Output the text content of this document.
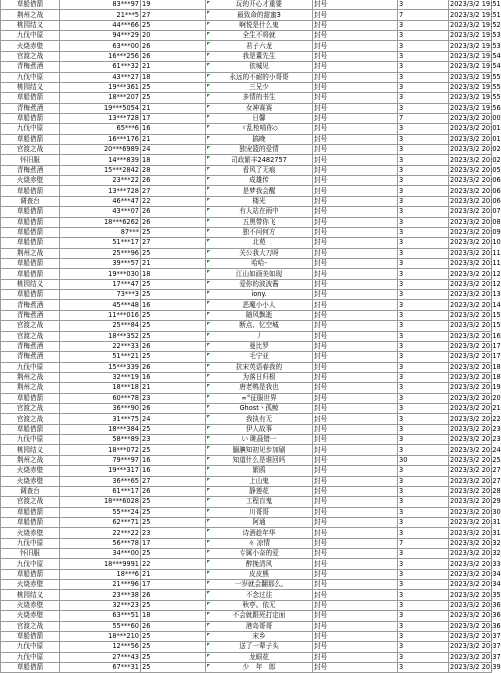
草船借箭	83***97	19	玩的开心才重要	封号	3	2023/3/2 19:51
荆州之战	21***5	27	最致命的甜蜜3	封号	7	2023/3/2 19:51
桃园结义	44***66	25	啊悦是什么鬼	封号	3	2023/3/2 19:52
九伐中原	94***29	20	全生不将就	封号	3	2023/3/2 19:53
火烧赤壁	63***00	26	君子六龙	封号	3	2023/3/2 19:53
官渡之战	16***256	26	我是董先生	封号	3	2023/3/2 19:54
青梅煮酒	61***32	21	依城见	封号	3	2023/3/2 19:54
九伐中原	43***27	18	永远的不耐的小哥哥	封号	3	2023/3/2 19:55
桃园结义	19***361	25	三兄少	封号	3	2023/3/2 19:55
草船借箭	18***207	25	多情的书生	封号	3	2023/3/2 19:55
青梅煮酒	19***5054	21	女神赛赛	封号	3	2023/3/2 19:56
草船借箭	13***728	17	日馨	封号	7	2023/3/2 20:00
九伐中原	65***6	16	ゞ乱枪啃你◇	封号	3	2023/3/2 20:01
草船借箭	16***176	21	搞晚	封号	3	2023/3/2 20:01
官渡之战	20***6989	24	独宠篮的爱情	封号	3	2023/3/2 20:02
怀旧服	14***839	18	司政繁丰2482757	封号	3	2023/3/2 20:02
青梅煮酒	15***2842	28	看风了无痕	封号	3	2023/3/2 20:05
火烧赤壁	23***22	26	成雄传	封号	3	2023/3/2 20:06
草船借箭	13***728	27	是梦我会醒	封号	3	2023/3/2 20:06
调查台	46***47	22	楼光	封号	3	2023/3/2 20:06
草船借箭	43***07	26	有人站在雨中	封号	3	2023/3/2 20:07
草船借箭	18***6262	26	五黑带你飞	封号	3	2023/3/2 20:08
草船借箭	87***	25	独不问何方	封号	3	2023/3/2 20:09
草船借箭	51***17	27	北苑	封号	3	2023/3/2 20:10
荆州之战	25***96	25	关公我大刀呀	封号	3	2023/3/2 20:11
草船借箭	39***57	21	哈哈-	封号	3	2023/3/2 20:11
草船借箭	19***030	18	江山如画美如现	封号	3	2023/3/2 20:12
桃园结义	17***47	25	爱你的波波酱	封号	3	2023/3/2 20:12
草船借箭	73***3	25	iony.	封号	3	2023/3/2 20:13
青梅煮酒	45***48	16	恶魔小小人	封号	3	2023/3/2 20:14
青梅煮酒	11***016	25	随风飘逝	封号	3	2023/3/2 20:15
官渡之战	25***84	25	断点、忆空城	封号	3	2023/3/2 20:15
官渡之战	18***352	25	丿	封号	3	2023/3/2 20:16
青梅煮酒	22***33	26	曼比罗	封号	3	2023/3/2 20:17
青梅煮酒	51***21	25	毛宁亚	封号	3	2023/3/2 20:17
九伐中原	15***339	26	抗宋英语春我的	封号	3	2023/3/2 20:18
荆州之战	32***19	16	为落日归根	封号	3	2023/3/2 20:18
荆州之战	18***18	21	唐老鸭是我也	封号	3	2023/3/2 20:19
草船借箭	60***78	23	∞°征服世界	封号	3	2023/3/2 20:20
官渡之战	36***90	26	Ghost丶孤鲸	封号	3	2023/3/2 20:21
官渡之战	31***75	24	我执有无	封号	3	2023/3/2 20:22
草船借箭	18***384	25	伊人故事	封号	3	2023/3/2 20:23
九伐中原	58***89	23	い 眺晨错一	封号	3	2023/3/2 20:23
桃园结义	18***072	25	腼腆知初见步加刷	封号	3	2023/3/2 20:24
荆州之战	79***97	16	知道什么是谁回吗	封号	30	2023/3/2 20:25
火烧赤壁	19***317	16	繁鸥	封号	3	2023/3/2 20:27
火烧赤壁	36***65	27	上山鬼	封号	3	2023/3/2 20:27
调查台	61***17	26	静莲花	封号	3	2023/3/2 20:28
官渡之战	18***6028	25	工程盲鬼	封号	3	2023/3/2 20:29
草船借箭	55***24	25	川哥哥	封号	3	2023/3/2 20:30
草船借箭	62***71	25	阿通	封号	3	2023/3/2 20:31
火烧赤壁	22***22	23	诗酒趁年华	封号	3	2023/3/2 20:31
九伐中原	56***78	17	々 凉情	封号	7	2023/3/2 20:32
怀旧服	34***00	25	专属小奈的爱	封号	3	2023/3/2 20:32
九伐中原	18***9991	22	醉挽清风	封号	3	2023/3/2 20:33
草船借箭	18***6	21	皮皮熊	封号	3	2023/3/2 20:34
火烧赤壁	21***96	17	一岁就会翻那么,	封号	3	2023/3/2 20:34
桃园结义	23***38	26	不念过往	封号	3	2023/3/2 20:35
火烧赤壁	32***23	25	秋亭。依无	封号	3	2023/3/2 20:36
火烧赤壁	63***51	18	不会就跟死打定面	封号	3	2023/3/2 20:36
官渡之战	55***60	26	港岛哥哥	封号	3	2023/3/2 20:36
草船借箭	18***210	25	宋乡	封号	3	2023/3/2 20:37
九伐中原	12***56	25	送了一辈子头	封号	3	2023/3/2 20:37
九伐中原	27***43	25	龙眼花	封号	3	2023/3/2 20:37
草船借箭	67***31	25	少　年　郎	封号	3	2023/3/2 20:39
